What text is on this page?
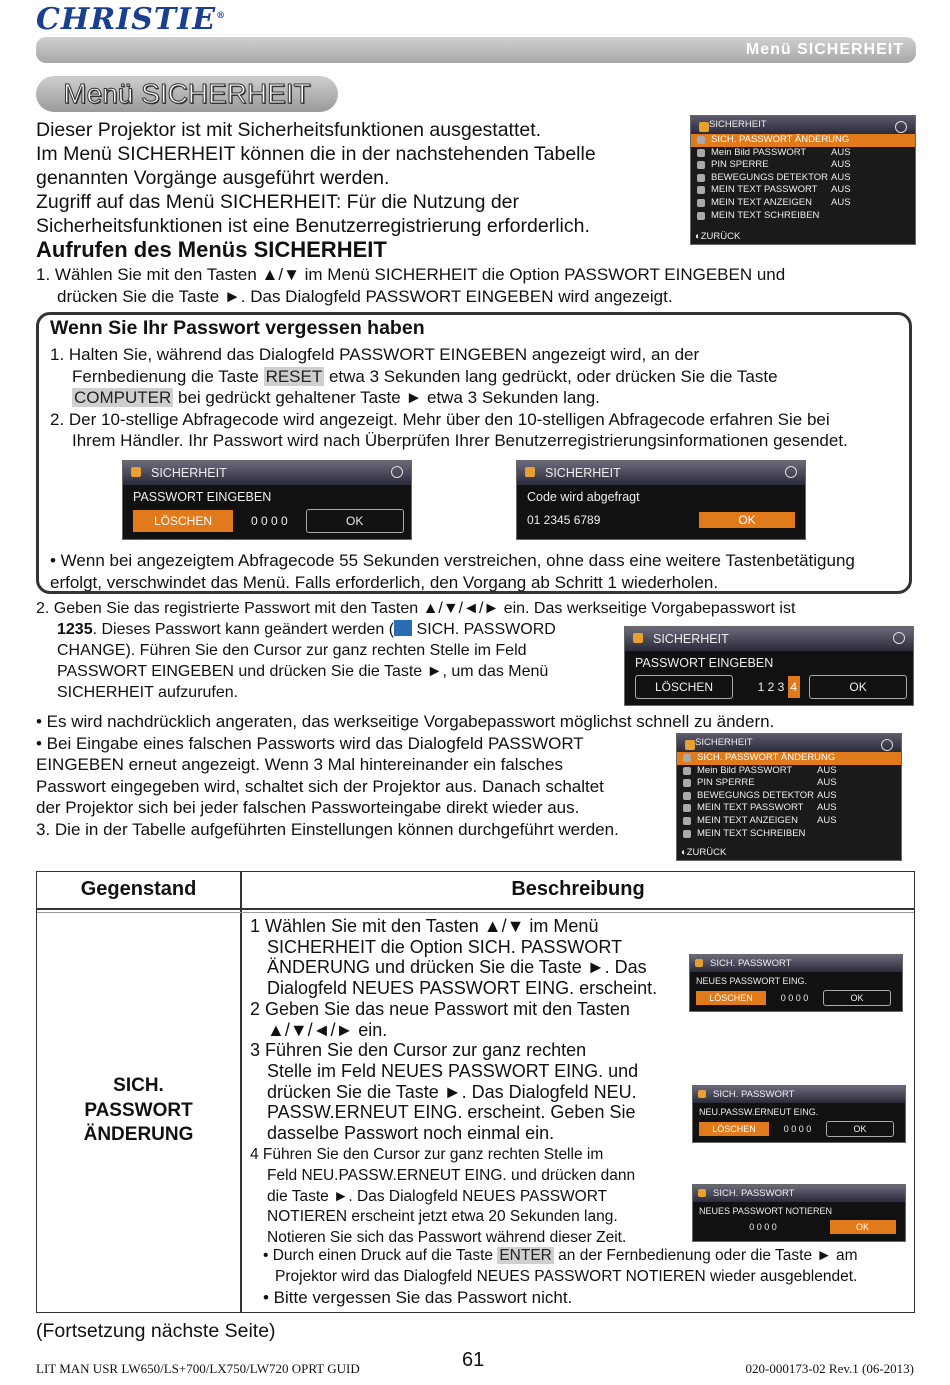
CHRISTIE®
Menü SICHERHEIT
Menü SICHERHEIT
Dieser Projektor ist mit Sicherheitsfunktionen ausgestattet.
Im Menü SICHERHEIT können die in der nachstehenden Tabelle
genannten Vorgänge ausgeführt werden.
Zugriff auf das Menü SICHERHEIT: Für die Nutzung der
Sicherheitsfunktionen ist eine Benutzerregistrierung erforderlich.
SICHERHEIT
SICH. PASSWORT ÄNDERUNG
Mein Bild PASSWORT	AUS
PIN SPERRE	AUS
BEWEGUNGS DETEKTOR AUS
MEIN TEXT PASSWORT AUS
MEIN TEXT ANZEIGEN AUS
MEIN TEXT SCHREIBEN
◐ZURÜCK
Aufrufen des Menüs SICHERHEIT
1. Wählen Sie mit den Tasten ▲/▼ im Menü SICHERHEIT die Option PASSWORT EINGEBEN und
drücken Sie die Taste ►. Das Dialogfeld PASSWORT EINGEBEN wird angezeigt.
Wenn Sie Ihr Passwort vergessen haben
1. Halten Sie, während das Dialogfeld PASSWORT EINGEBEN angezeigt wird, an der
Fernbedienung die Taste RESET etwa 3 Sekunden lang gedrückt, oder drücken Sie die Taste
COMPUTER bei gedrückt gehaltener Taste ► etwa 3 Sekunden lang.
2. Der 10-stellige Abfragecode wird angezeigt. Mehr über den 10-stelligen Abfragecode erfahren Sie bei
Ihrem Händler. Ihr Passwort wird nach Überprüfen Ihrer Benutzerregistrierungsinformationen gesendet.
• Wenn bei angezeigtem Abfragecode 55 Sekunden verstreichen, ohne dass eine weitere Tastenbetätigung
erfolgt, verschwindet das Menü. Falls erforderlich, den Vorgang ab Schritt 1 wiederholen.
SICHERHEIT
PASSWORT EINGEBEN
LÖSCHEN	0 0 0 0	OK
SICHERHEIT
Code wird abgefragt
01 2345 6789	OK
2. Geben Sie das registrierte Passwort mit den Tasten ▲/▼/◄/► ein. Das werkseitige Vorgabepasswort ist
1235. Dieses Passwort kann geändert werden ( SICH. PASSWORD
CHANGE). Führen Sie den Cursor zur ganz rechten Stelle im Feld
PASSWORT EINGEBEN und drücken Sie die Taste ►, um das Menü
SICHERHEIT aufzurufen.
SICHERHEIT
PASSWORT EINGEBEN
LÖSCHEN	1 2 3 4	OK
• Es wird nachdrücklich angeraten, das werkseitige Vorgabepasswort möglichst schnell zu ändern.
• Bei Eingabe eines falschen Passworts wird das Dialogfeld PASSWORT
EINGEBEN erneut angezeigt. Wenn 3 Mal hintereinander ein falsches
Passwort eingegeben wird, schaltet sich der Projektor aus. Danach schaltet
der Projektor sich bei jeder falschen Passworteingabe direkt wieder aus.
3. Die in der Tabelle aufgeführten Einstellungen können durchgeführt werden.
SICHERHEIT
SICH. PASSWORT ÄNDERUNG
Mein Bild PASSWORT	AUS
PIN SPERRE	AUS
BEWEGUNGS DETEKTOR AUS
MEIN TEXT PASSWORT AUS
MEIN TEXT ANZEIGEN AUS
MEIN TEXT SCHREIBEN
◐ZURÜCK
Gegenstand	Beschreibung
SICH.
PASSWORT
ÄNDERUNG
1 Wählen Sie mit den Tasten ▲/▼ im Menü
SICHERHEIT die Option SICH. PASSWORT
ÄNDERUNG und drücken Sie die Taste ►. Das
Dialogfeld NEUES PASSWORT EING. erscheint.
2 Geben Sie das neue Passwort mit den Tasten
▲/▼/◄/► ein.
3 Führen Sie den Cursor zur ganz rechten
Stelle im Feld NEUES PASSWORT EING. und
drücken Sie die Taste ►. Das Dialogfeld NEU.
PASSW.ERNEUT EING. erscheint. Geben Sie
dasselbe Passwort noch einmal ein.
4 Führen Sie den Cursor zur ganz rechten Stelle im
Feld NEU.PASSW.ERNEUT EING. und drücken dann
die Taste ►. Das Dialogfeld NEUES PASSWORT
NOTIEREN erscheint jetzt etwa 20 Sekunden lang.
Notieren Sie sich das Passwort während dieser Zeit.
• Durch einen Druck auf die Taste ENTER an der Fernbedienung oder die Taste ► am
Projektor wird das Dialogfeld NEUES PASSWORT NOTIEREN wieder ausgeblendet.
• Bitte vergessen Sie das Passwort nicht.
SICH. PASSWORT
NEUES PASSWORT EING.
LÖSCHEN	0 0 0 0	OK
SICH. PASSWORT
NEU.PASSW.ERNEUT EING.
LÖSCHEN	0 0 0 0	OK
SICH. PASSWORT
NEUES PASSWORT NOTIEREN
0 0 0 0	OK
(Fortsetzung nächste Seite)
LIT MAN USR LW650/LS+700/LX750/LW720 OPRT GUID	61	020-000173-02 Rev.1 (06-2013)
